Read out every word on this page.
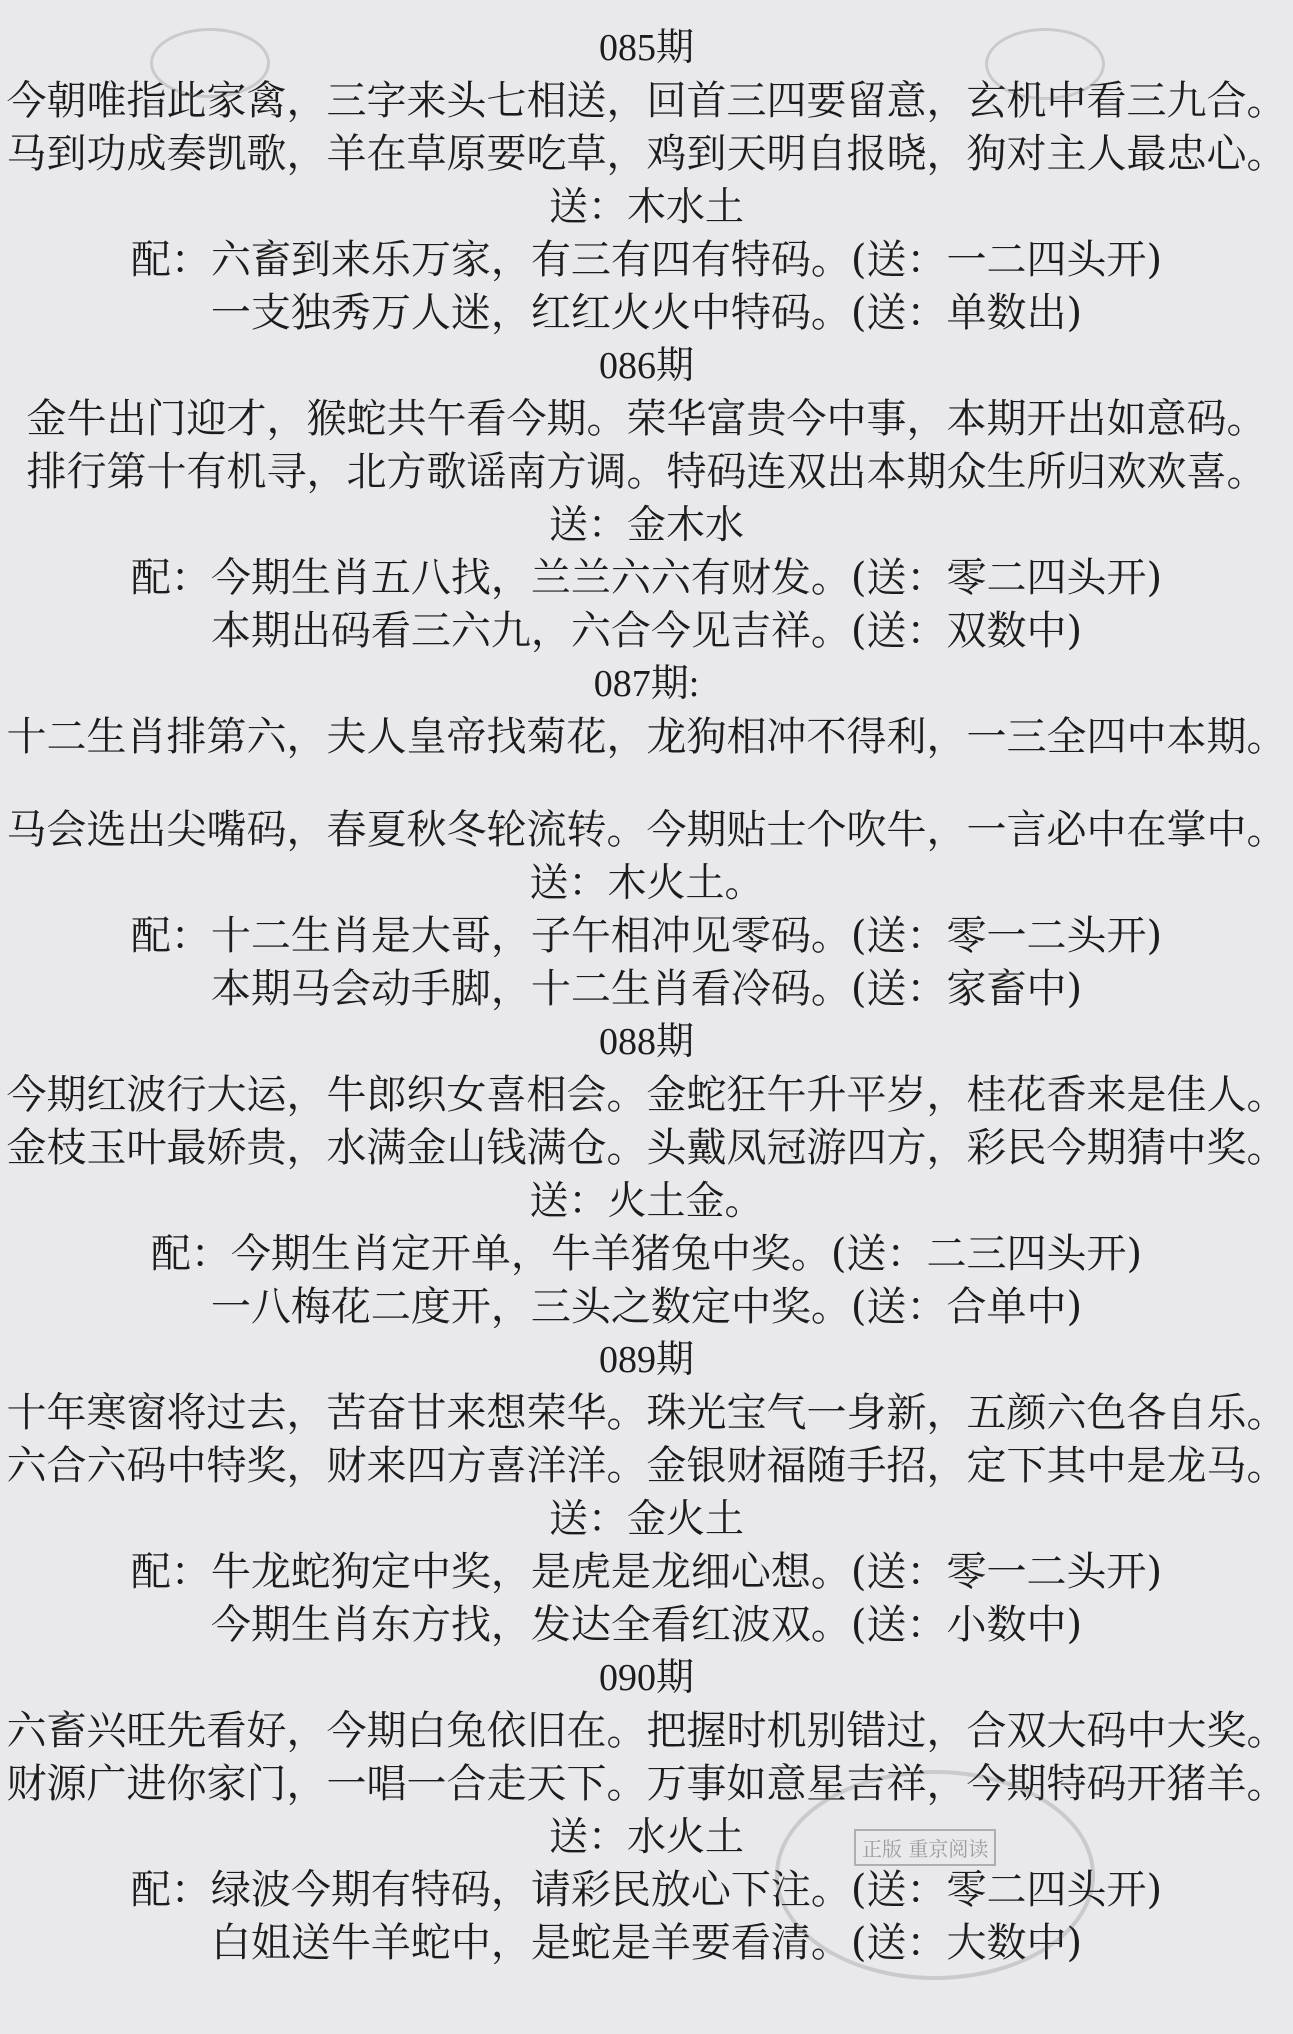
正版 重京阅读
085期
今朝唯指此家禽，三字来头七相送，回首三四要留意，玄机中看三九合。
马到功成奏凯歌，羊在草原要吃草，鸡到天明自报晓，狗对主人最忠心。
送：木水土
配：六畜到来乐万家，有三有四有特码。(送：一二四头开)
一支独秀万人迷，红红火火中特码。(送：单数出)
086期
金牛出门迎才，猴蛇共午看今期。荣华富贵今中事，本期开出如意码。
排行第十有机寻，北方歌谣南方调。特码连双出本期众生所归欢欢喜。
送：金木水
配：今期生肖五八找，兰兰六六有财发。(送：零二四头开)
本期出码看三六九，六合今见吉祥。(送：双数中)
087期:
十二生肖排第六，夫人皇帝找菊花，龙狗相冲不得利，一三全四中本期。
马会选出尖嘴码，春夏秋冬轮流转。今期贴士个吹牛，一言必中在掌中。
送：木火土。
配：十二生肖是大哥，子午相冲见零码。(送：零一二头开)
本期马会动手脚，十二生肖看冷码。(送：家畜中)
088期
今期红波行大运，牛郎织女喜相会。金蛇狂午升平岁，桂花香来是佳人。
金枝玉叶最娇贵，水满金山钱满仓。头戴凤冠游四方，彩民今期猜中奖。
送：火土金。
配：今期生肖定开单，牛羊猪兔中奖。(送：二三四头开)
一八梅花二度开，三头之数定中奖。(送：合单中)
089期
十年寒窗将过去，苦奋甘来想荣华。珠光宝气一身新，五颜六色各自乐。
六合六码中特奖，财来四方喜洋洋。金银财福随手招，定下其中是龙马。
送：金火土
配：牛龙蛇狗定中奖，是虎是龙细心想。(送：零一二头开)
今期生肖东方找，发达全看红波双。(送：小数中)
090期
六畜兴旺先看好，今期白兔依旧在。把握时机别错过，合双大码中大奖。
财源广进你家门，一唱一合走天下。万事如意星吉祥，今期特码开猪羊。
送：水火土
配：绿波今期有特码，请彩民放心下注。(送：零二四头开)
白姐送牛羊蛇中，是蛇是羊要看清。(送：大数中)
